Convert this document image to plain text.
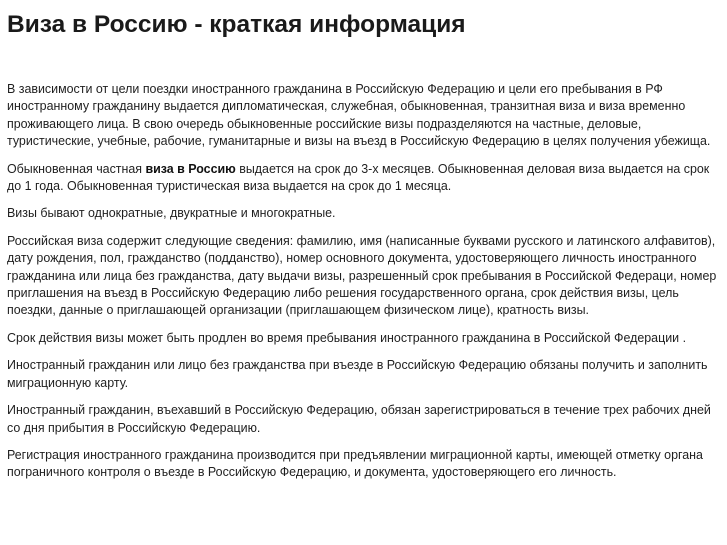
Виза в Россию - краткая информация

В зависимости от цели поездки иностранного гражданина в Российскую Федерацию и цели его пребывания в РФ иностранному гражданину выдается дипломатическая, служебная, обыкновенная, транзитная виза и виза временно проживающего лица. В свою очередь обыкновенные российские визы подразделяются на частные, деловые, туристические, учебные, рабочие, гуманитарные и визы на въезд в Российскую Федерацию в целях получения убежища.

Обыкновенная частная виза в Россию выдается на срок до 3-х месяцев. Обыкновенная деловая виза выдается на срок до 1 года. Обыкновенная туристическая виза выдается на срок до 1 месяца.

Визы бывают однократные, двукратные и многократные.

Российская виза содержит следующие сведения: фамилию, имя (написанные буквами русского и латинского алфавитов), дату рождения, пол, гражданство (подданство), номер основного документа, удостоверяющего личность иностранного гражданина или лица без гражданства, дату выдачи визы, разрешенный срок пребывания в Российской Федераци, номер приглашения на въезд в Российскую Федерацию либо решения государственного органа, срок действия визы, цель поездки, данные о приглашающей организации (приглашающем физическом лице), кратность визы.

Срок действия визы может быть продлен во время пребывания иностранного гражданина в Российской Федерации .

Иностранный гражданин или лицо без гражданства при въезде в Российскую Федерацию обязаны получить и заполнить миграционную карту.

Иностранный гражданин, въехавший в Российскую Федерацию, обязан зарегистрироваться в течение трех рабочих дней со дня прибытия в Российскую Федерацию.

Регистрация иностранного гражданина производится при предъявлении миграционной карты, имеющей отметку органа пограничного контроля о въезде в Российскую Федерацию, и документа, удостоверяющего его личность.
